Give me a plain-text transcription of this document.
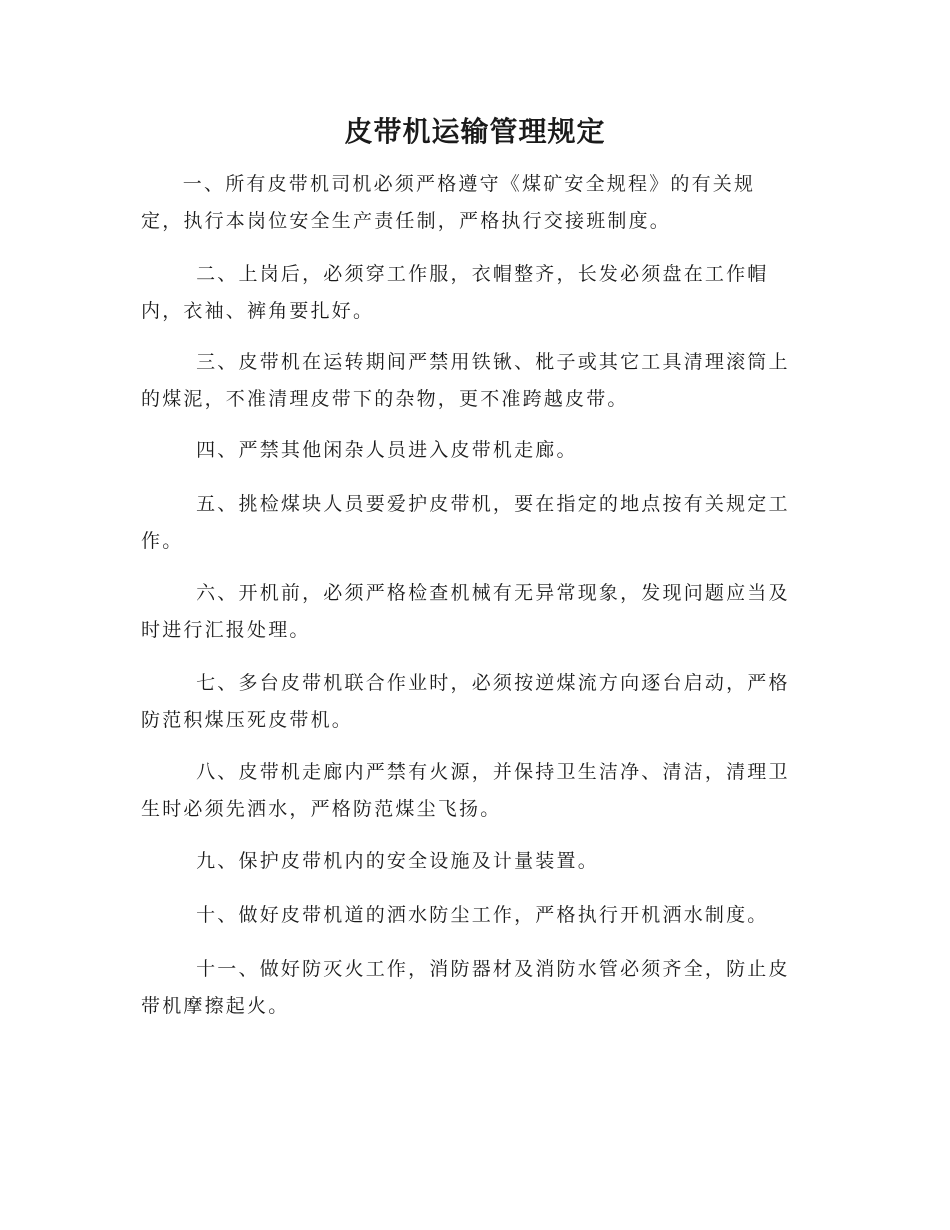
皮带机运输管理规定

一、所有皮带机司机必须严格遵守《煤矿安全规程》的有关规定，执行本岗位安全生产责任制，严格执行交接班制度。

二、上岗后，必须穿工作服，衣帽整齐，长发必须盘在工作帽内，衣袖、裤角要扎好。

三、皮带机在运转期间严禁用铁锹、枇子或其它工具清理滚筒上的煤泥，不准清理皮带下的杂物，更不准跨越皮带。

四、严禁其他闲杂人员进入皮带机走廊。

五、挑检煤块人员要爱护皮带机，要在指定的地点按有关规定工作。

六、开机前，必须严格检查机械有无异常现象，发现问题应当及时进行汇报处理。

七、多台皮带机联合作业时，必须按逆煤流方向逐台启动，严格防范积煤压死皮带机。

八、皮带机走廊内严禁有火源，并保持卫生洁净、清洁，清理卫生时必须先洒水，严格防范煤尘飞扬。

九、保护皮带机内的安全设施及计量装置。

十、做好皮带机道的洒水防尘工作，严格执行开机洒水制度。

十一、做好防灭火工作，消防器材及消防水管必须齐全，防止皮带机摩擦起火。
